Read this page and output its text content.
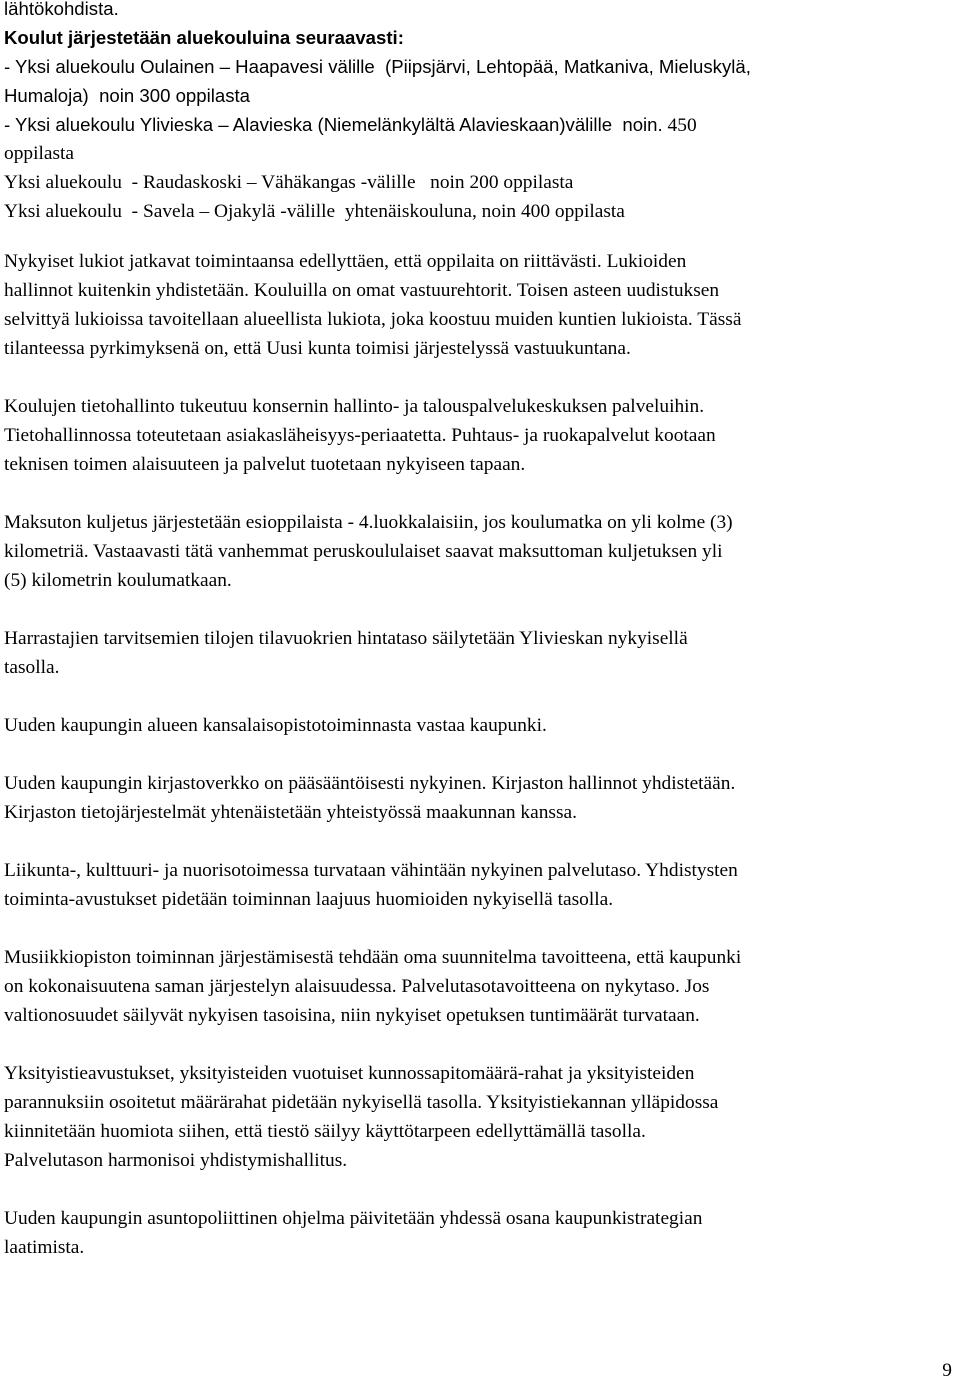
lähtökohdista.
Koulut järjestetään aluekouluina seuraavasti:
- Yksi aluekoulu Oulainen – Haapavesi välille  (Piipsjärvi, Lehtopää, Matkaniva, Mieluskylä,
Humaloja)  noin 300 oppilasta
- Yksi aluekoulu Ylivieska – Alavieska (Niemelänkylältä Alavieskaan)välille  noin. 450
oppilasta
Yksi aluekoulu  - Raudaskoski – Vähäkangas -välille   noin 200 oppilasta
Yksi aluekoulu  - Savela – Ojakylä -välille  yhtenäiskouluna, noin 400 oppilasta
Nykyiset lukiot jatkavat toimintaansa edellyttäen, että oppilaita on riittävästi. Lukioiden
hallinnot kuitenkin yhdistetään. Kouluilla on omat vastuurehtorit. Toisen asteen uudistuksen
selvittyä lukioissa tavoitellaan alueellista lukiota, joka koostuu muiden kuntien lukioista. Tässä
tilanteessa pyrkimyksenä on, että Uusi kunta toimisi järjestelyssä vastuukuntana.
Koulujen tietohallinto tukeutuu konsernin hallinto- ja talouspalvelukeskuksen palveluihin.
Tietohallinnossa toteutetaan asiakasläheisyys-periaatetta. Puhtaus- ja ruokapalvelut kootaan
teknisen toimen alaisuuteen ja palvelut tuotetaan nykyiseen tapaan.
Maksuton kuljetus järjestetään esioppilaista - 4.luokkalaisiin, jos koulumatka on yli kolme (3)
kilometriä. Vastaavasti tätä vanhemmat peruskoululaiset saavat maksuttoman kuljetuksen yli
(5) kilometrin koulumatkaan.
Harrastajien tarvitsemien tilojen tilavuokrien hintataso säilytetään Ylivieskan nykyisellä
tasolla.
Uuden kaupungin alueen kansalaisopistotoiminnasta vastaa kaupunki.
Uuden kaupungin kirjastoverkko on pääsääntöisesti nykyinen. Kirjaston hallinnot yhdistetään.
Kirjaston tietojärjestelmät yhtenäistetään yhteistyössä maakunnan kanssa.
Liikunta-, kulttuuri- ja nuorisotoimessa turvataan vähintään nykyinen palvelutaso. Yhdistysten
toiminta-avustukset pidetään toiminnan laajuus huomioiden nykyisellä tasolla.
Musiikkiopiston toiminnan järjestämisestä tehdään oma suunnitelma tavoitteena, että kaupunki
on kokonaisuutena saman järjestelyn alaisuudessa. Palvelutasotavoitteena on nykytaso. Jos
valtionosuudet säilyvät nykyisen tasoisina, niin nykyiset opetuksen tuntimäärät turvataan.
Yksityistieavustukset, yksityisteiden vuotuiset kunnossapitomäärä-rahat ja yksityisteiden
parannuksiin osoitetut määrärahat pidetään nykyisellä tasolla. Yksityistiekannan ylläpidossa
kiinnitetään huomiota siihen, että tiestö säilyy käyttötarpeen edellyttämällä tasolla.
Palvelutason harmonisoi yhdistymishallitus.
Uuden kaupungin asuntopoliittinen ohjelma päivitetään yhdessä osana kaupunkistrategian
laatimista.
9
